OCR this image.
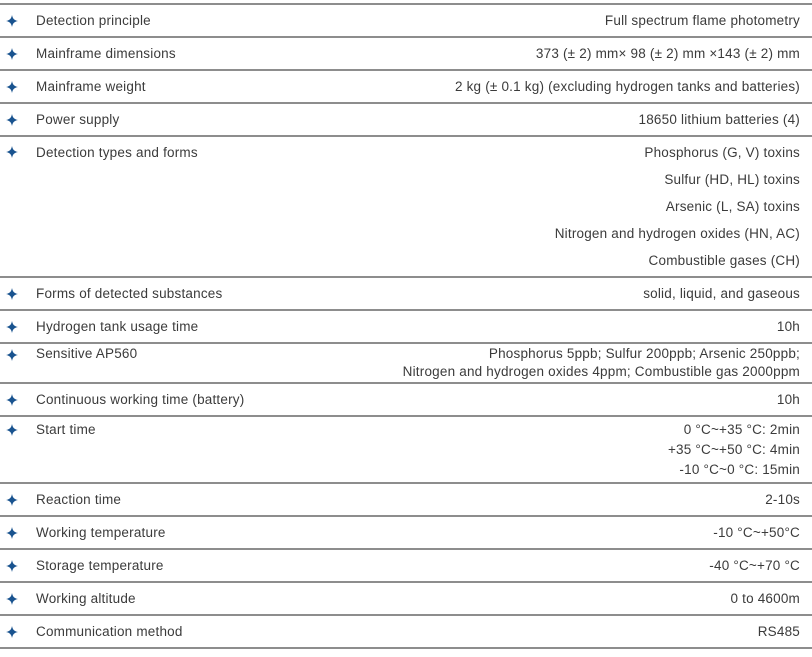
Detection principle	Full spectrum flame photometry
Mainframe dimensions	373 (± 2) mm× 98 (± 2) mm ×143 (± 2) mm
Mainframe weight	2 kg (± 0.1 kg) (excluding hydrogen tanks and batteries)
Power supply	18650 lithium batteries (4)
Detection types and forms	Phosphorus (G, V) toxins
Sulfur (HD, HL) toxins
Arsenic (L, SA) toxins
Nitrogen and hydrogen oxides (HN, AC)
Combustible gases (CH)
Forms of detected substances	solid, liquid, and gaseous
Hydrogen tank usage time	10h
Sensitive AP560	Phosphorus 5ppb; Sulfur 200ppb; Arsenic 250ppb;
Nitrogen and hydrogen oxides 4ppm; Combustible gas 2000ppm
Continuous working time (battery)	10h
Start time	0 °C~+35 °C: 2min
+35 °C~+50 °C: 4min
-10 °C~0 °C: 15min
Reaction time	2-10s
Working temperature	-10 °C~+50°C
Storage temperature	-40 °C~+70 °C
Working altitude	0 to 4600m
Communication method	RS485
